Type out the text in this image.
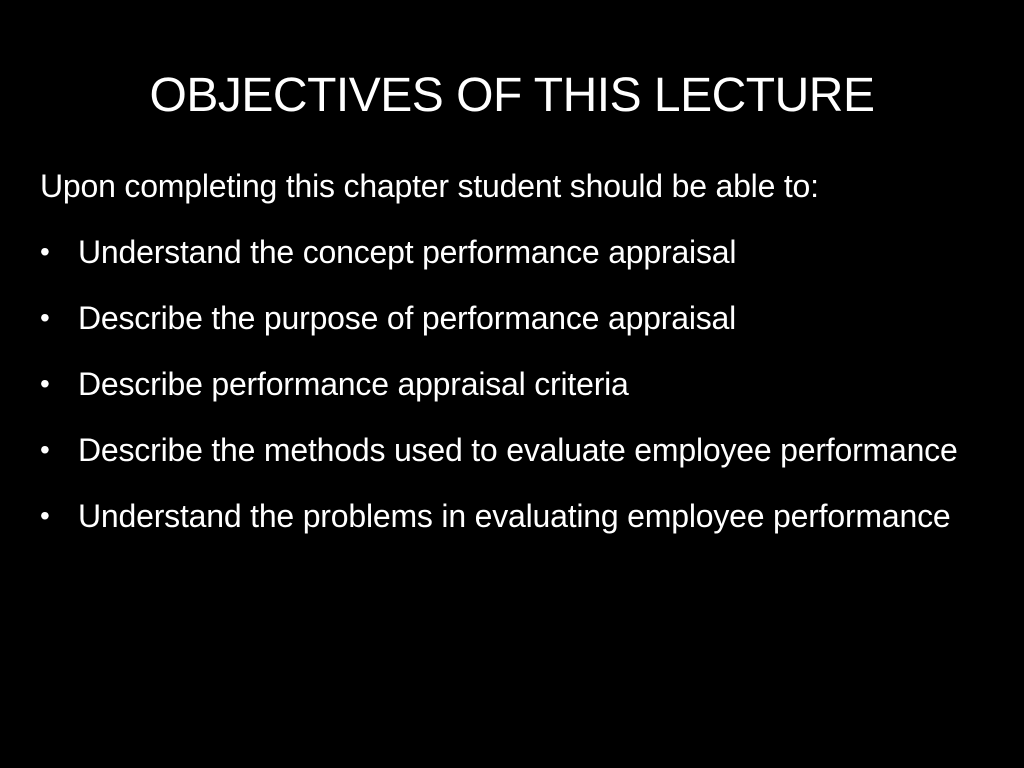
OBJECTIVES OF THIS LECTURE

Upon completing this chapter student should be able to:

• Understand the concept performance appraisal
• Describe the purpose of performance appraisal
• Describe performance appraisal criteria
• Describe the methods used to evaluate employee performance
• Understand the problems in evaluating employee performance
